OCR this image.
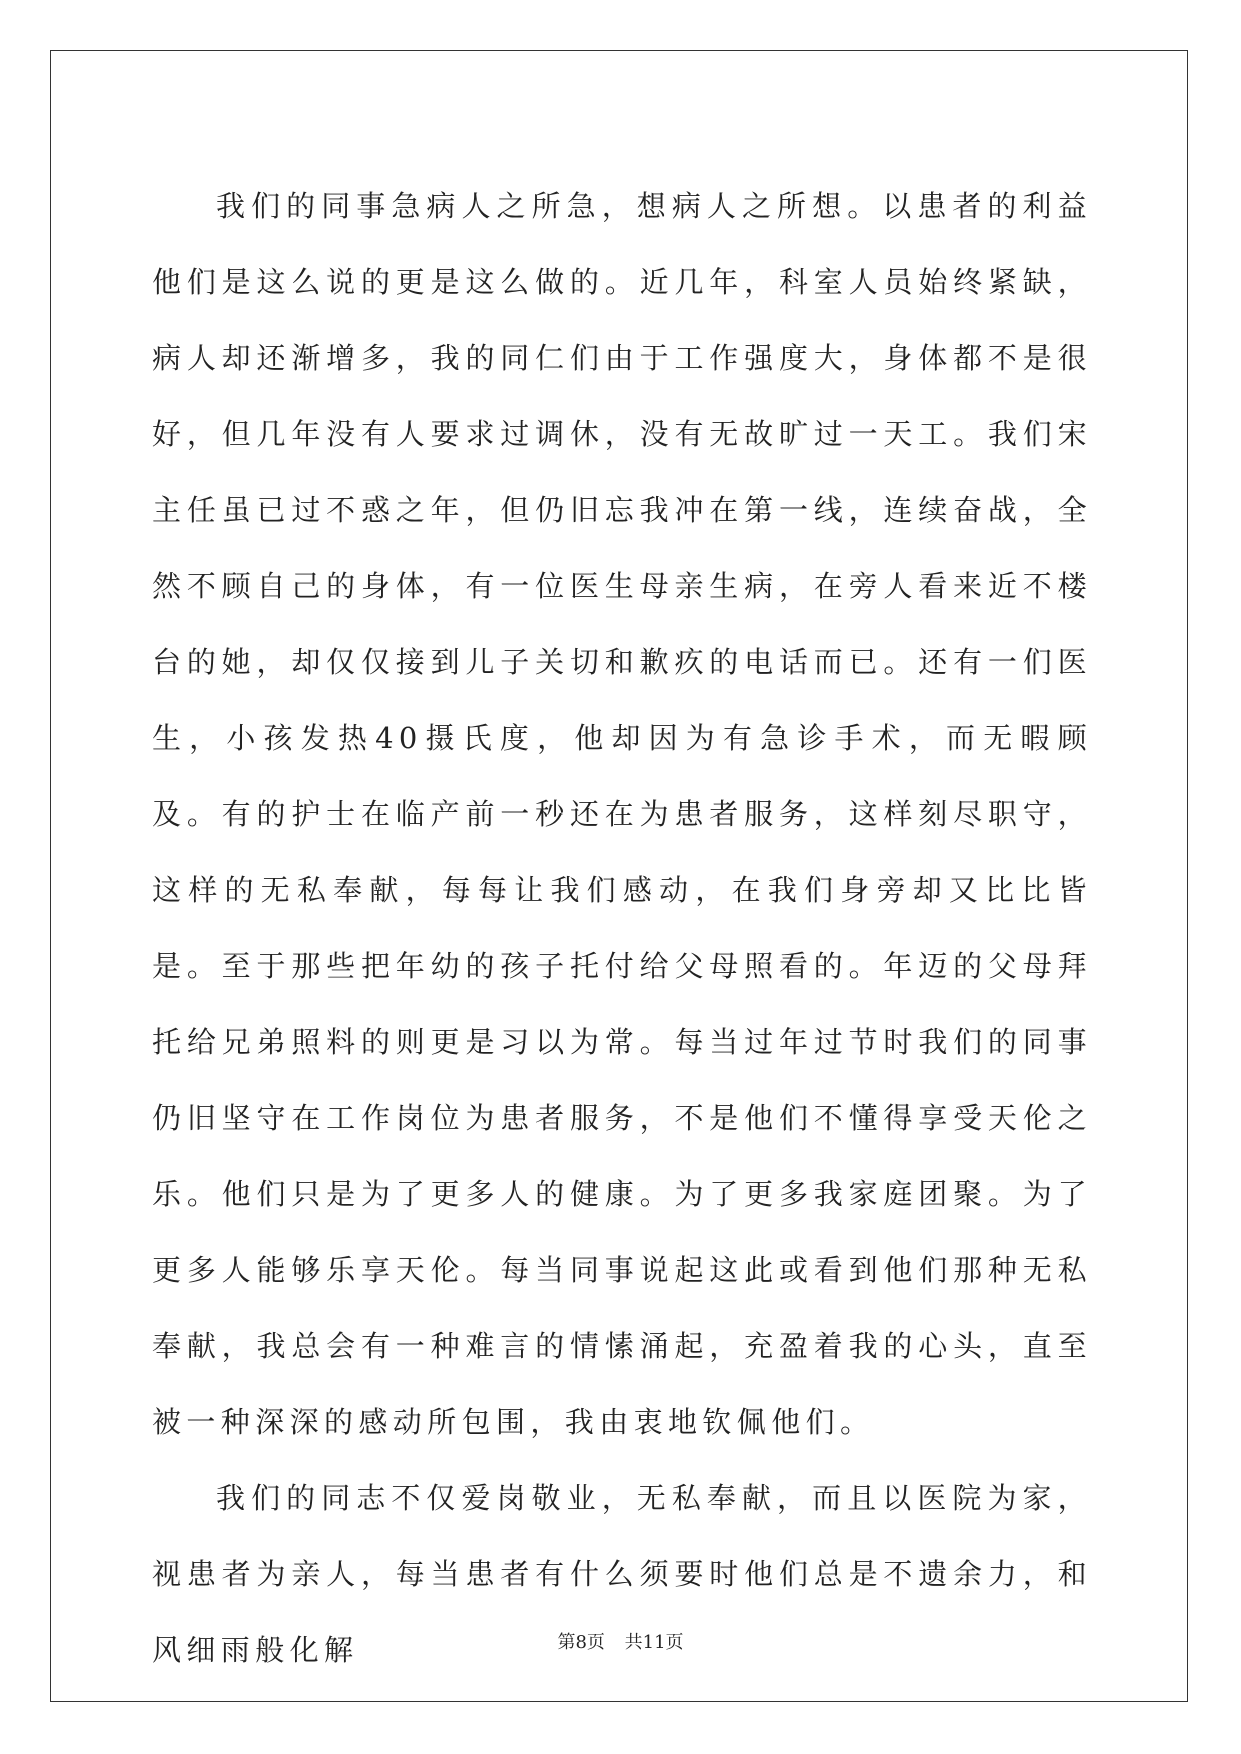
我们的同事急病人之所急，想病人之所想。以患者的利益他们是这么说的更是这么做的。近几年，科室人员始终紧缺，病人却还渐增多，我的同仁们由于工作强度大，身体都不是很好，但几年没有人要求过调休，没有无故旷过一天工。我们宋主任虽已过不惑之年，但仍旧忘我冲在第一线，连续奋战，全然不顾自己的身体，有一位医生母亲生病，在旁人看来近不楼台的她，却仅仅接到儿子关切和歉疚的电话而已。还有一们医生，小孩发热40摄氏度，他却因为有急诊手术，而无暇顾及。有的护士在临产前一秒还在为患者服务，这样刻尽职守，这样的无私奉献，每每让我们感动，在我们身旁却又比比皆是。至于那些把年幼的孩子托付给父母照看的。年迈的父母拜托给兄弟照料的则更是习以为常。每当过年过节时我们的同事仍旧坚守在工作岗位为患者服务，不是他们不懂得享受天伦之乐。他们只是为了更多人的健康。为了更多我家庭团聚。为了更多人能够乐享天伦。每当同事说起这此或看到他们那种无私奉献，我总会有一种难言的情愫涌起，充盈着我的心头，直至被一种深深的感动所包围，我由衷地钦佩他们。

我们的同志不仅爱岗敬业，无私奉献，而且以医院为家，视患者为亲人，每当患者有什么须要时他们总是不遗余力，和风细雨般化解	第8页 共11页
